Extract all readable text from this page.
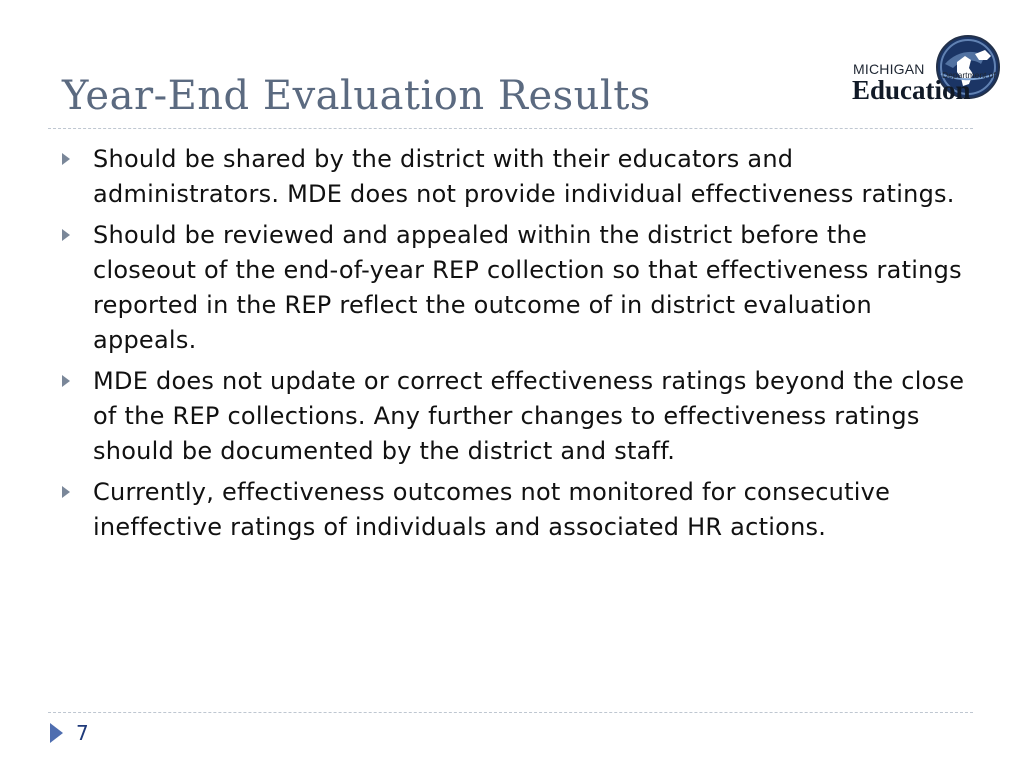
Year-End Evaluation Results
MICHIGAN Department of
Education
Should be shared by the district with their educators and administrators. MDE does not provide individual effectiveness ratings.
Should be reviewed and appealed within the district before the closeout of the end-of-year REP collection so that effectiveness ratings reported in the REP reflect the outcome of in district evaluation appeals.
MDE does not update or correct effectiveness ratings beyond the close of the REP collections. Any further changes to effectiveness ratings should be documented by the district and staff.
Currently, effectiveness outcomes not monitored for consecutive ineffective ratings of individuals and associated HR actions.
7
